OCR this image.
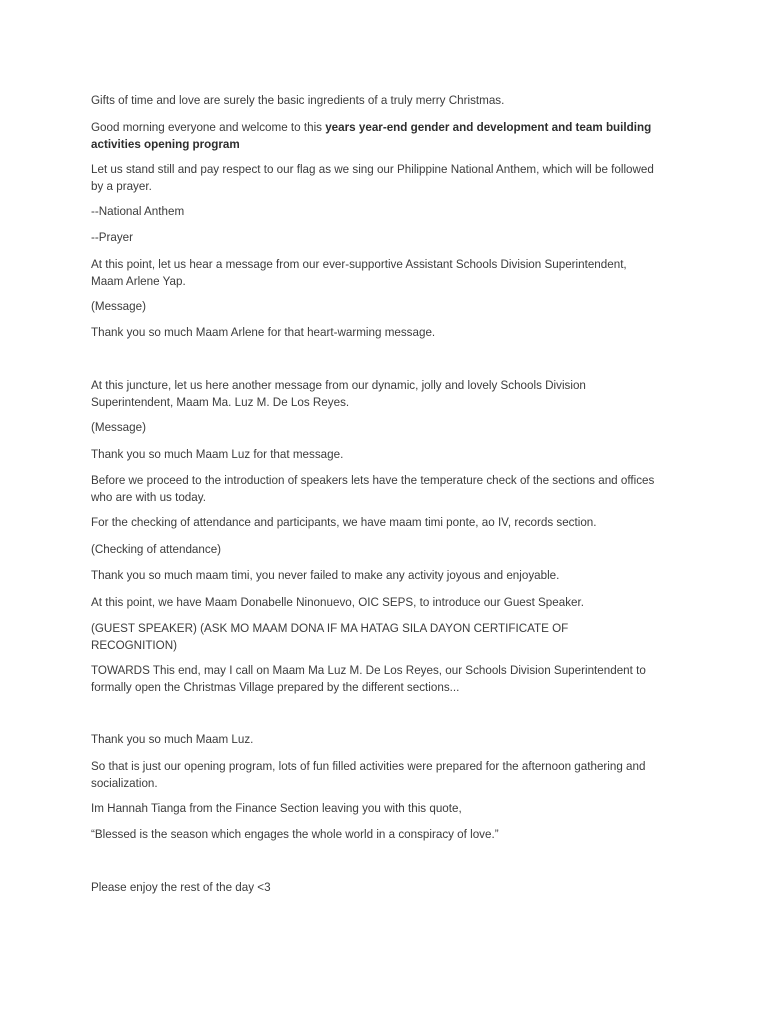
Gifts of time and love are surely the basic ingredients of a truly merry Christmas.

Good morning everyone and welcome to this years year-end gender and development and team building activities opening program

Let us stand still and pay respect to our flag as we sing our Philippine National Anthem, which will be followed by a prayer.

--National Anthem

--Prayer

At this point, let us hear a message from our ever-supportive Assistant Schools Division Superintendent, Maam Arlene Yap.

(Message)

Thank you so much Maam Arlene for that heart-warming message.

At this juncture, let us here another message from our dynamic, jolly and lovely Schools Division Superintendent, Maam Ma. Luz M. De Los Reyes.

(Message)

Thank you so much Maam Luz for that message.

Before we proceed to the introduction of speakers lets have the temperature check of the sections and offices who are with us today.

For the checking of attendance and participants, we have maam timi ponte, ao IV, records section.

(Checking of attendance)

Thank you so much maam timi, you never failed to make any activity joyous and enjoyable.

At this point, we have Maam Donabelle Ninonuevo, OIC SEPS, to introduce our Guest Speaker.

(GUEST SPEAKER) (ASK MO MAAM DONA IF MA HATAG SILA DAYON CERTIFICATE OF RECOGNITION)

TOWARDS This end, may I call on Maam Ma Luz M. De Los Reyes, our Schools Division Superintendent to formally open the Christmas Village prepared by the different sections...

Thank you so much Maam Luz.

So that is just our opening program, lots of fun filled activities were prepared for the afternoon gathering and socialization.

Im Hannah Tianga from the Finance Section leaving you with this quote,

“Blessed is the season which engages the whole world in a conspiracy of love.”

Please enjoy the rest of the day <3
